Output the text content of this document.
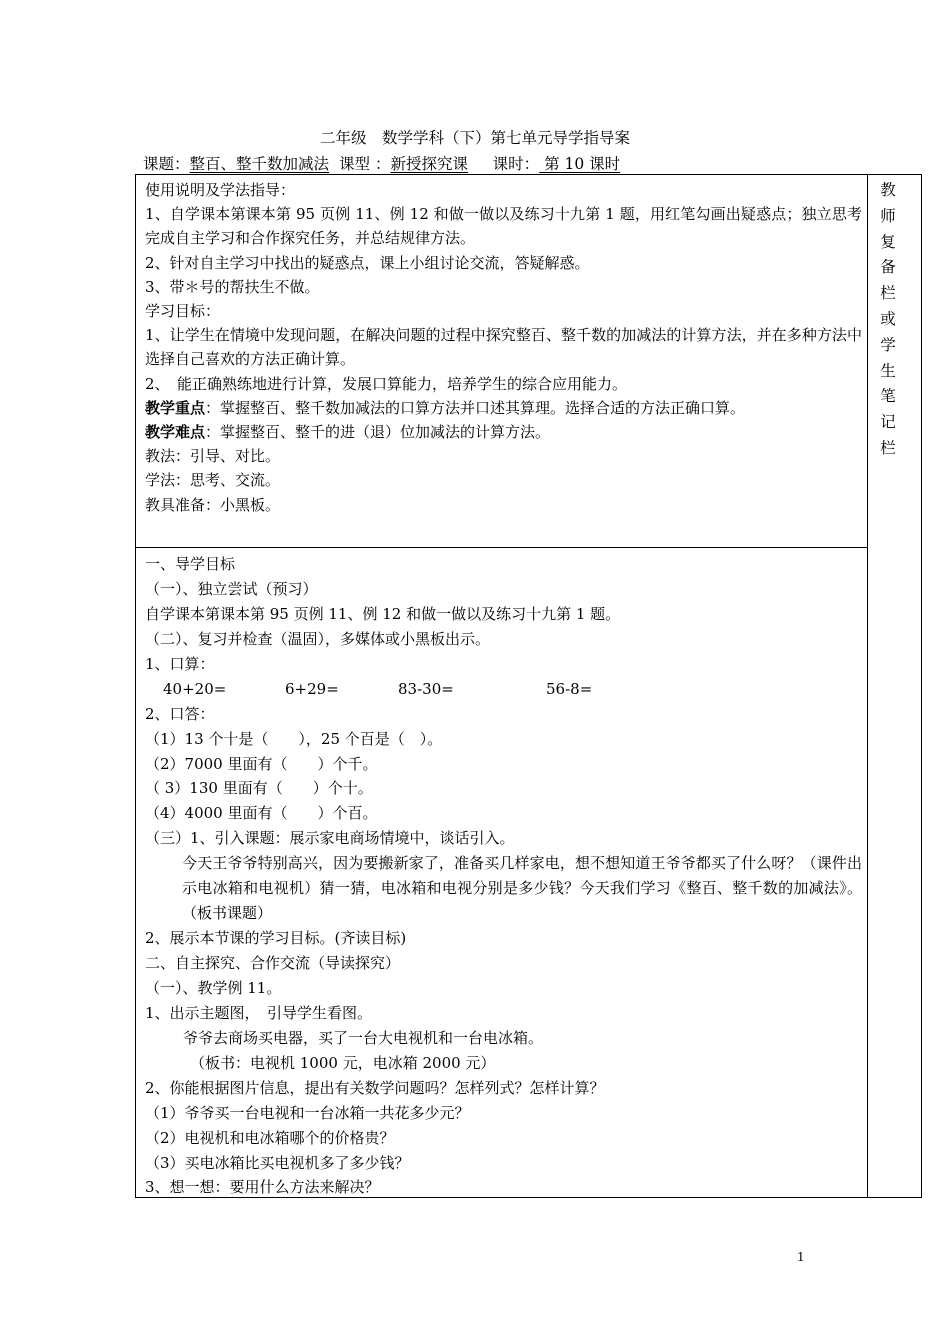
二年级　数学学科（下）第七单元导学指导案
课题：整百、整千数加减法 课型 ：新授探究课 课时： 第 10 课时
教
师
复
备
栏
或
学
生
笔
记
栏
使用说明及学法指导：
1、自学课本第课本第 95 页例 11、例 12 和做一做以及练习十九第 1 题，用红笔勾画出疑惑点；独立思考完成自主学习和合作探究任务，并总结规律方法。
2、针对自主学习中找出的疑惑点，课上小组讨论交流，答疑解惑。
3、带＊号的帮扶生不做。
学习目标：
1、让学生在情境中发现问题，在解决问题的过程中探究整百、整千数的加减法的计算方法，并在多种方法中选择自己喜欢的方法正确计算。
2、　能正确熟练地进行计算，发展口算能力，培养学生的综合应用能力。
教学重点：掌握整百、整千数加减法的口算方法并口述其算理。选择合适的方法正确口算。
教学难点：掌握整百、整千的进（退）位加减法的计算方法。
教法：引导、对比。
学法：思考、交流。
教具准备：小黑板。
一、导学目标
（一）、独立尝试（预习）
自学课本第课本第 95 页例 11、例 12 和做一做以及练习十九第 1 题。
（二）、复习并检查（温固），多媒体或小黑板出示。
1、口算：
40+20=	6+29=	83-30=	56-8=
2、口答：
（1）13 个十是（　　），25 个百是（　）。
（2）7000 里面有（　　）个千。
（ 3）130 里面有（　　）个十。
（4）4000 里面有（　　）个百。
（三）1、引入课题：展示家电商场情境中，谈话引入。
今天王爷爷特别高兴，因为要搬新家了，准备买几样家电，想不想知道王爷爷都买了什么呀？（课件出示电冰箱和电视机）猜一猜，电冰箱和电视分别是多少钱？今天我们学习《整百、整千数的加减法》。（板书课题）
2、展示本节课的学习目标。(齐读目标)
二、自主探究、合作交流（导读探究）
（一）、教学例 11。
1、出示主题图，　引导学生看图。
爷爷去商场买电器，买了一台大电视机和一台电冰箱。
（板书：电视机 1000 元，电冰箱 2000 元）
2、你能根据图片信息，提出有关数学问题吗？怎样列式？怎样计算？
（1）爷爷买一台电视和一台冰箱一共花多少元？
（2）电视机和电冰箱哪个的价格贵？
（3）买电冰箱比买电视机多了多少钱？
3、想一想：要用什么方法来解决？
1
